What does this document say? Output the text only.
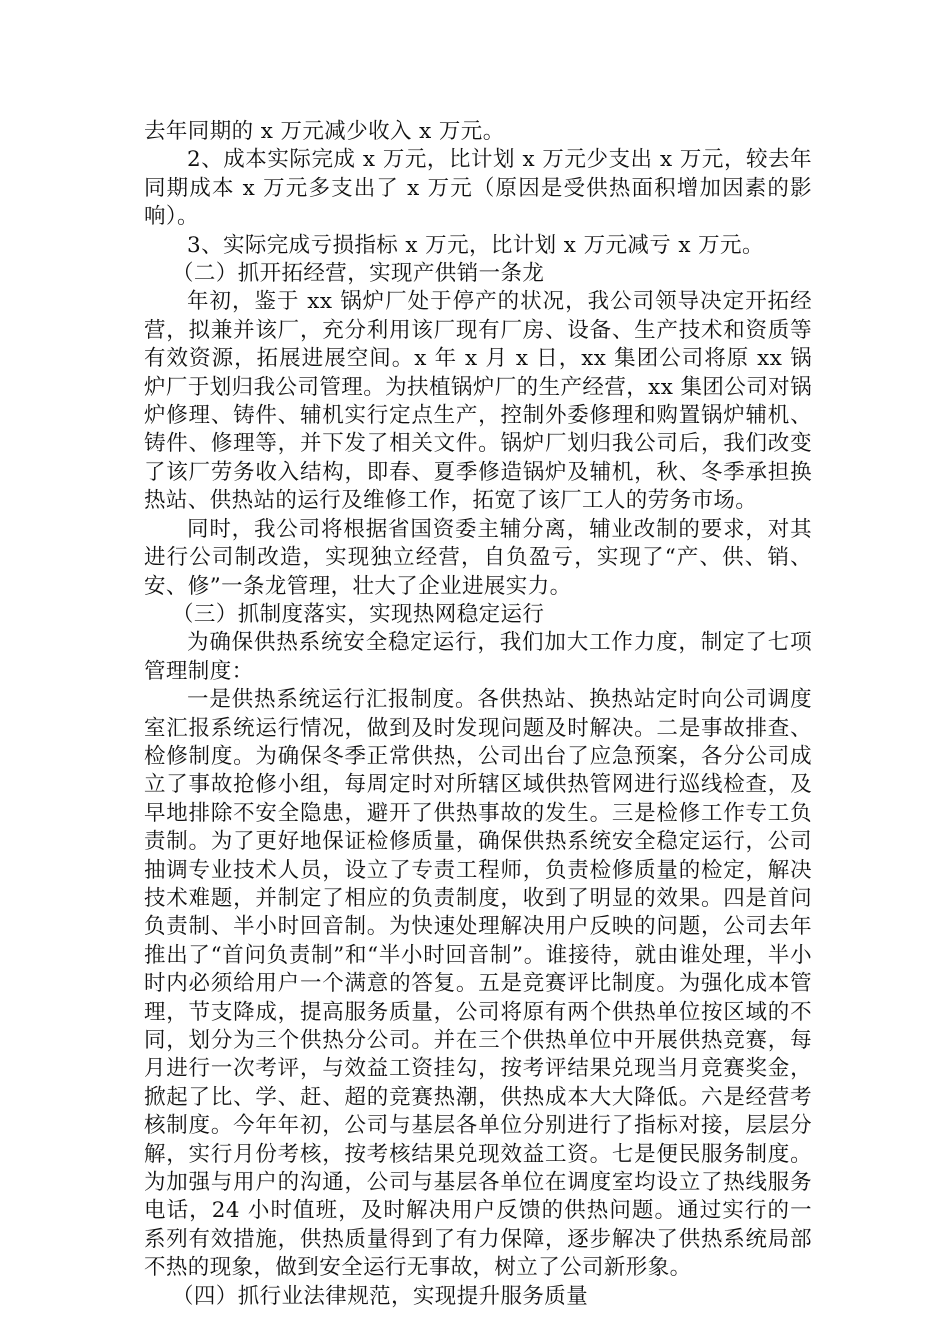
去年同期的 x 万元减少收入 x 万元。

2、成本实际完成 x 万元，比计划 x 万元少支出 x 万元，较去年同期成本 x 万元多支出了 x 万元（原因是受供热面积增加因素的影响）。

3、实际完成亏损指标 x 万元，比计划 x 万元减亏 x 万元。

（二）抓开拓经营，实现产供销一条龙

年初，鉴于 xx 锅炉厂处于停产的状况，我公司领导决定开拓经营，拟兼并该厂，充分利用该厂现有厂房、设备、生产技术和资质等有效资源，拓展进展空间。x 年 x 月 x 日，xx 集团公司将原 xx 锅炉厂于划归我公司管理。为扶植锅炉厂的生产经营，xx 集团公司对锅炉修理、铸件、辅机实行定点生产，控制外委修理和购置锅炉辅机、铸件、修理等，并下发了相关文件。锅炉厂划归我公司后，我们改变了该厂劳务收入结构，即春、夏季修造锅炉及辅机，秋、冬季承担换热站、供热站的运行及维修工作，拓宽了该厂工人的劳务市场。

同时，我公司将根据省国资委主辅分离，辅业改制的要求，对其进行公司制改造，实现独立经营，自负盈亏，实现了“产、供、销、安、修”一条龙管理，壮大了企业进展实力。

（三）抓制度落实，实现热网稳定运行

为确保供热系统安全稳定运行，我们加大工作力度，制定了七项管理制度：

一是供热系统运行汇报制度。各供热站、换热站定时向公司调度室汇报系统运行情况，做到及时发现问题及时解决。二是事故排查、检修制度。为确保冬季正常供热，公司出台了应急预案，各分公司成立了事故抢修小组，每周定时对所辖区域供热管网进行巡线检查，及早地排除不安全隐患，避开了供热事故的发生。三是检修工作专工负责制。为了更好地保证检修质量，确保供热系统安全稳定运行，公司抽调专业技术人员，设立了专责工程师，负责检修质量的检定，解决技术难题，并制定了相应的负责制度，收到了明显的效果。四是首问负责制、半小时回音制。为快速处理解决用户反映的问题，公司去年推出了“首问负责制”和“半小时回音制”。谁接待，就由谁处理，半小时内必须给用户一个满意的答复。五是竞赛评比制度。为强化成本管理，节支降成，提高服务质量，公司将原有两个供热单位按区域的不同，划分为三个供热分公司。并在三个供热单位中开展供热竞赛，每月进行一次考评，与效益工资挂勾，按考评结果兑现当月竞赛奖金，掀起了比、学、赶、超的竞赛热潮，供热成本大大降低。六是经营考核制度。今年年初，公司与基层各单位分别进行了指标对接，层层分解，实行月份考核，按考核结果兑现效益工资。七是便民服务制度。为加强与用户的沟通，公司与基层各单位在调度室均设立了热线服务电话，24 小时值班，及时解决用户反馈的供热问题。通过实行的一系列有效措施，供热质量得到了有力保障，逐步解决了供热系统局部不热的现象，做到安全运行无事故，树立了公司新形象。

（四）抓行业法律规范，实现提升服务质量
